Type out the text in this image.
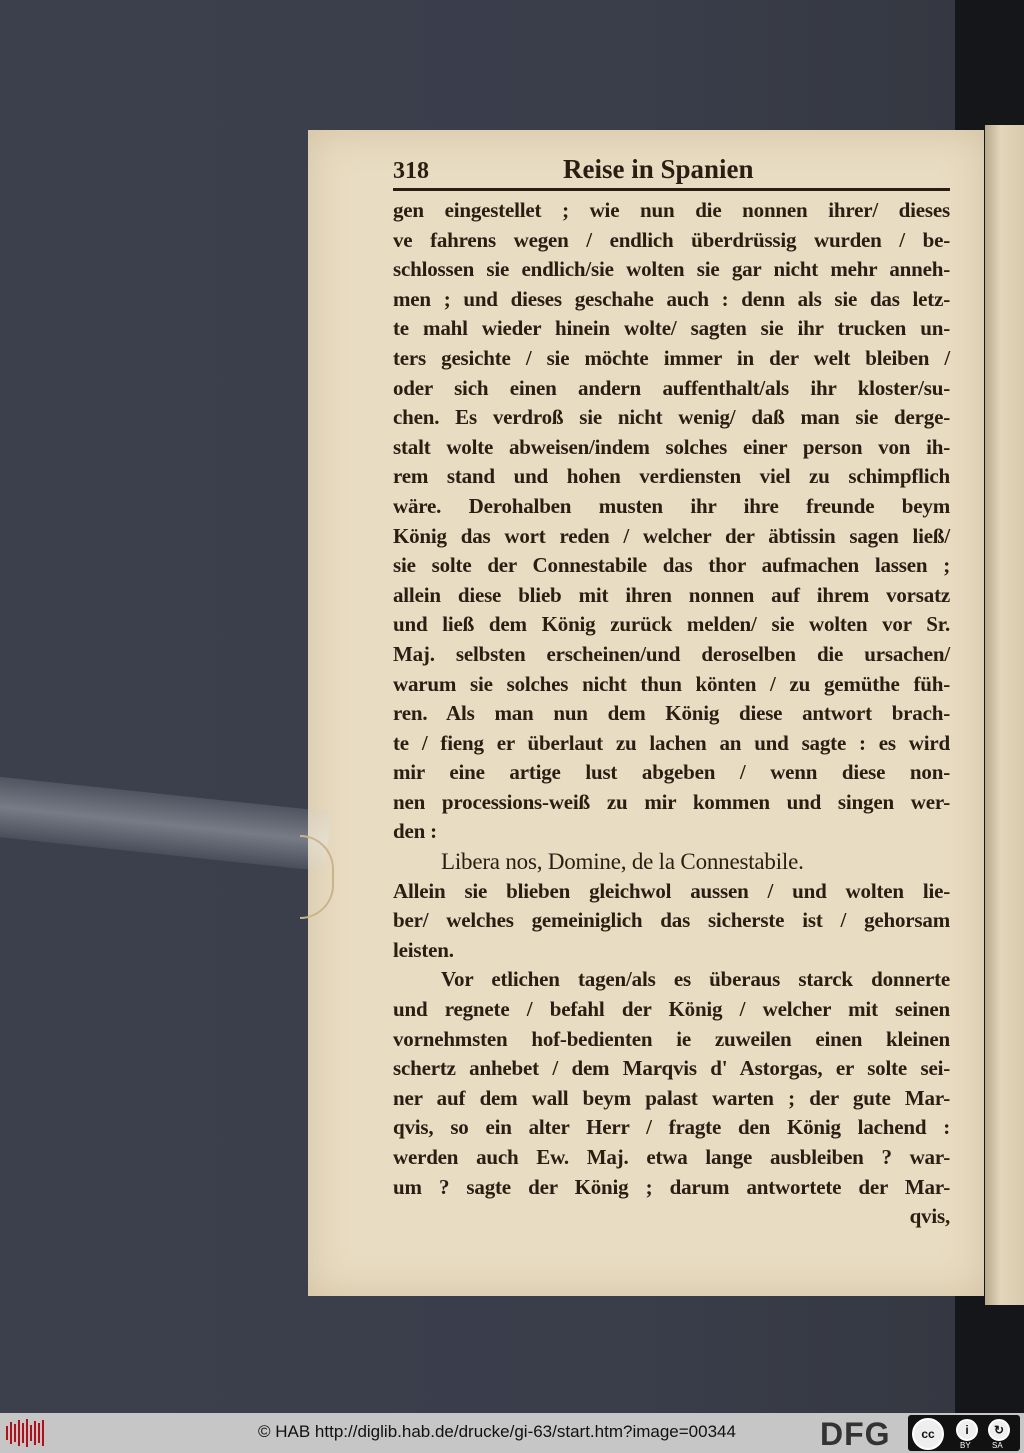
318	Reise in Spanien
gen eingestellet ; wie nun die nonnen ihrer/ dieses
ve fahrens wegen / endlich überdrüssig wurden / be-
schlossen sie endlich/sie wolten sie gar nicht mehr anneh-
men ; und dieses geschahe auch : denn als sie das letz-
te mahl wieder hinein wolte/ sagten sie ihr trucken un-
ters gesichte / sie möchte immer in der welt bleiben /
oder sich einen andern auffenthalt/als ihr kloster/su-
chen. Es verdroß sie nicht wenig/ daß man sie derge-
stalt wolte abweisen/indem solches einer person von ih-
rem stand und hohen verdiensten viel zu schimpflich
wäre. Derohalben musten ihr ihre freunde beym
König das wort reden / welcher der äbtissin sagen ließ/
sie solte der Connestabile das thor aufmachen lassen ;
allein diese blieb mit ihren nonnen auf ihrem vorsatz
und ließ dem König zurück melden/ sie wolten vor Sr.
Maj. selbsten erscheinen/und deroselben die ursachen/
warum sie solches nicht thun könten / zu gemüthe füh-
ren. Als man nun dem König diese antwort brach-
te / fieng er überlaut zu lachen an und sagte : es wird
mir eine artige lust abgeben / wenn diese non-
nen processions-weiß zu mir kommen und singen wer-
den :
Libera nos, Domine, de la Connestabile.
Allein sie blieben gleichwol aussen / und wolten lie-
ber/ welches gemeiniglich das sicherste ist / gehorsam
leisten.
Vor etlichen tagen/als es überaus starck donnerte
und regnete / befahl der König / welcher mit seinen
vornehmsten hof-bedienten ie zuweilen einen kleinen
schertz anhebet / dem Marqvis d' Astorgas, er solte sei-
ner auf dem wall beym palast warten ; der gute Mar-
qvis, so ein alter Herr / fragte den König lachend :
werden auch Ew. Maj. etwa lange ausbleiben ? war-
um ? sagte der König ; darum antwortete der Mar-
qvis,
© HAB http://diglib.hab.de/drucke/gi-63/start.htm?image=00344	DFG	cc	i	↻
BY	SA
